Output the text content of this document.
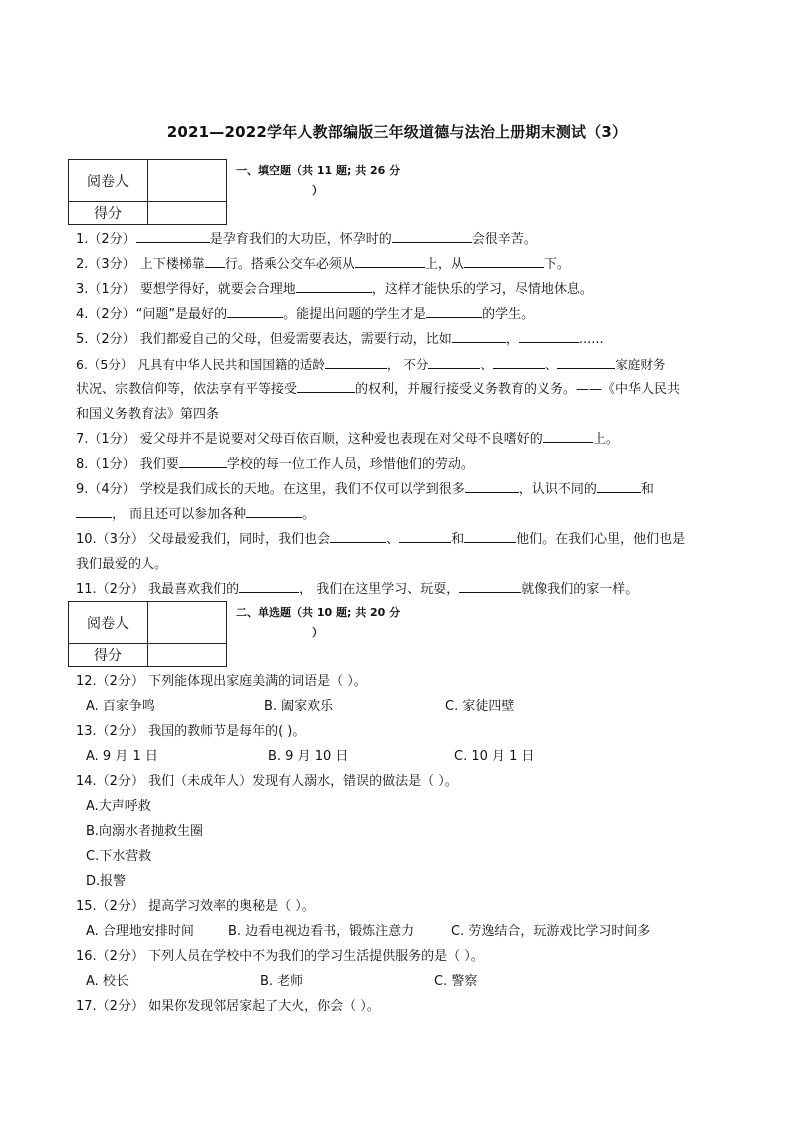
2021—2022学年人教部编版三年级道德与法治上册期末测试（3）
阅卷人	
得分	
一、填空题（共 11 题; 共 26 分
）
1.（2分）	是孕育我们的大功臣，怀孕时的	会很辛苦。
2.（3分） 上下楼梯靠 行。搭乘公交车必须从	上，从	下。
3.（1分） 要想学得好，就要会合理地	，这样才能快乐的学习，尽情地休息。
4.（2分）“问题”是最好的	。能提出问题的学生才是	的学生。
5.（2分） 我们都爱自己的父母，但爱需要表达，需要行动，比如	，	......
6.（5分） 凡具有中华人民共和国国籍的适龄	， 不分	、	、	家庭财务
状况、宗教信仰等，依法享有平等接受	的权利，并履行接受义务教育的义务。——《中华人民共
和国义务教育法》第四条
7.（1分） 爱父母并不是说要对父母百依百顺，这种爱也表现在对父母不良嗜好的	上。
8.（1分） 我们要	学校的每一位工作人员，珍惜他们的劳动。
9.（4分） 学校是我们成长的天地。在这里，我们不仅可以学到很多	，认识不同的	和
， 而且还可以参加各种	。
10.（3分） 父母最爱我们，同时，我们也会	、	和	他们。在我们心里，他们也是
我们最爱的人。
11.（2分） 我最喜欢我们的	， 我们在这里学习、玩耍，	就像我们的家一样。
阅卷人	
得分	
二、单选题（共 10 题; 共 20 分
）
12.（2分） 下列能体现出家庭美满的词语是（ ）。
A. 百家争鸣	B. 阖家欢乐	C. 家徒四壁
13.（2分） 我国的教师节是每年的( )。
A. 9 月 1 日	B. 9 月 10 日	C. 10 月 1 日
14.（2分） 我们（未成年人）发现有人溺水，错误的做法是（ ）。
A.大声呼救
B.向溺水者抛救生圈
C.下水营救
D.报警
15.（2分） 提高学习效率的奥秘是（ ）。
A. 合理地安排时间	B. 边看电视边看书，锻炼注意力	C. 劳逸结合，玩游戏比学习时间多
16.（2分） 下列人员在学校中不为我们的学习生活提供服务的是（ ）。
A. 校长	B. 老师	C. 警察
17.（2分） 如果你发现邻居家起了大火，你会（ ）。
